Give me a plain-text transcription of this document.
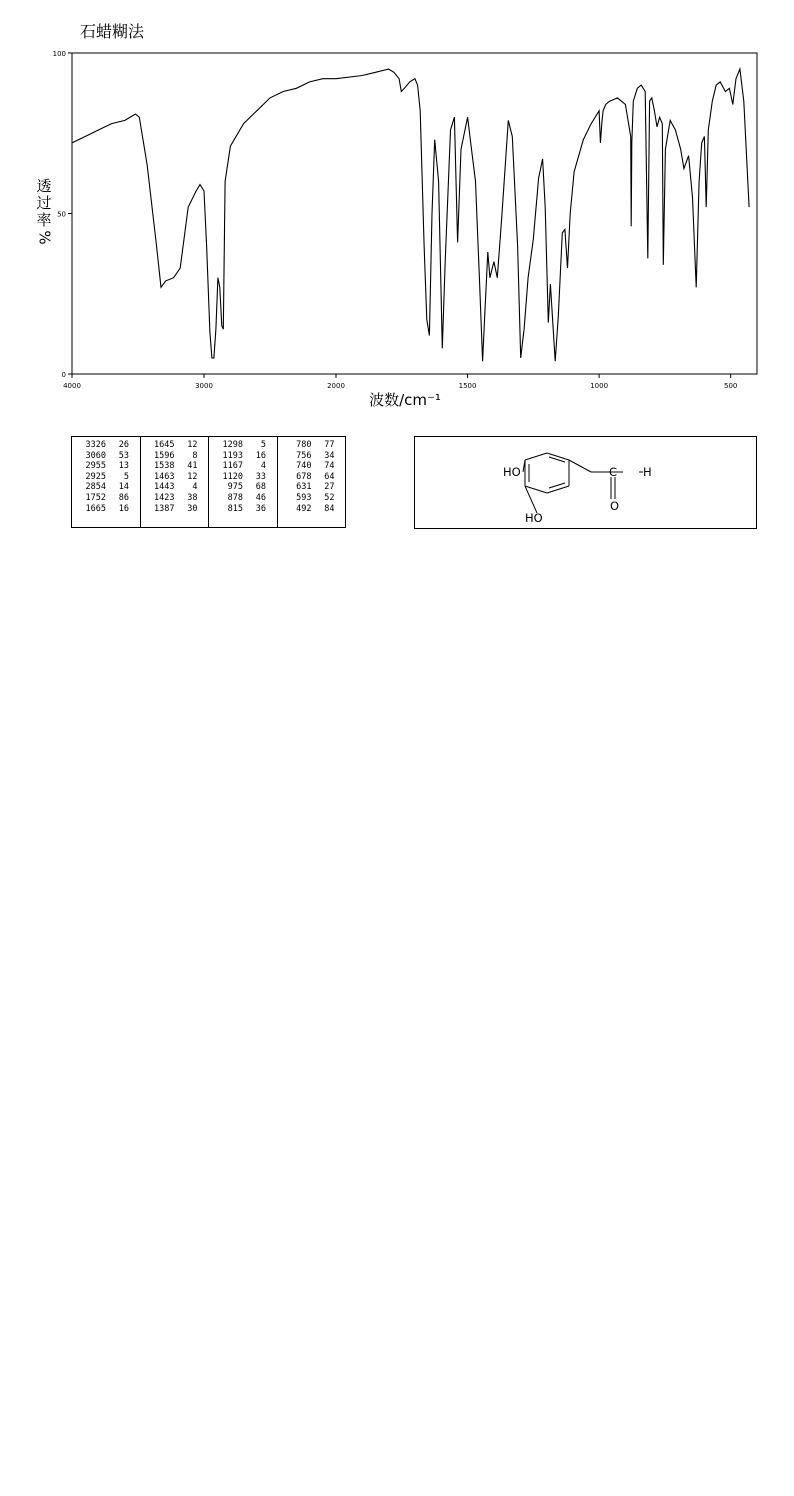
石蜡糊法
透
过
率
%
4000	3000	2000	1500	1000	500
0
50
100
波数/cm⁻¹
3326	26
3060	53
2955	13
2925	5
2854	14
1752	86
1665	16
1645	12
1596	8
1538	41
1463	12
1443	4
1423	38
1387	30
1298	5
1193	16
1167	4
1120	33
975	68
878	46
815	36
780	77
756	34
740	74
678	64
631	27
593	52
492	84
HO
HO
C H
O
